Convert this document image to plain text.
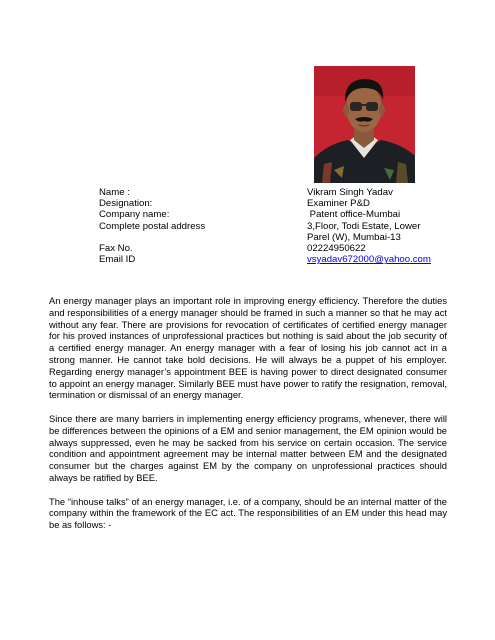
Name :	Vikram Singh Yadav
Designation:	Examiner P&D
Company name:	Patent office-Mumbai
Complete postal address	3,Floor, Todi Estate, Lower
Parel (W), Mumbai-13
Fax No.	02224950622
Email ID	vsyadav672000@yahoo.com

An energy manager plays an important role in improving energy efficiency. Therefore the duties and responsibilities of a energy manager should be framed in such a manner so that he may act without any fear. There are provisions for revocation of certificates of certified energy manager for his proved instances of unprofessional practices but nothing is said about the job security of a certified energy manager. An energy manager with a fear of losing his job cannot act in a strong manner. He cannot take bold decisions. He will always be a puppet of his employer. Regarding energy manager’s appointment BEE is having power to direct designated consumer to appoint an energy manager. Similarly BEE must have power to ratify the resignation, removal, termination or dismissal of an energy manager.

Since there are many barriers in implementing energy efficiency programs, whenever, there will be differences between the opinions of a EM and senior management, the EM opinion would be always suppressed, even he may be sacked from his service on certain occasion. The service condition and appointment agreement may be internal matter between EM and the designated consumer but the charges against EM by the company on unprofessional practices should always be ratified by BEE.

The “inhouse talks” of an energy manager, i.e. of a company, should be an internal matter of the company within the framework of the EC act. The responsibilities of an EM under this head may be as follows: -
